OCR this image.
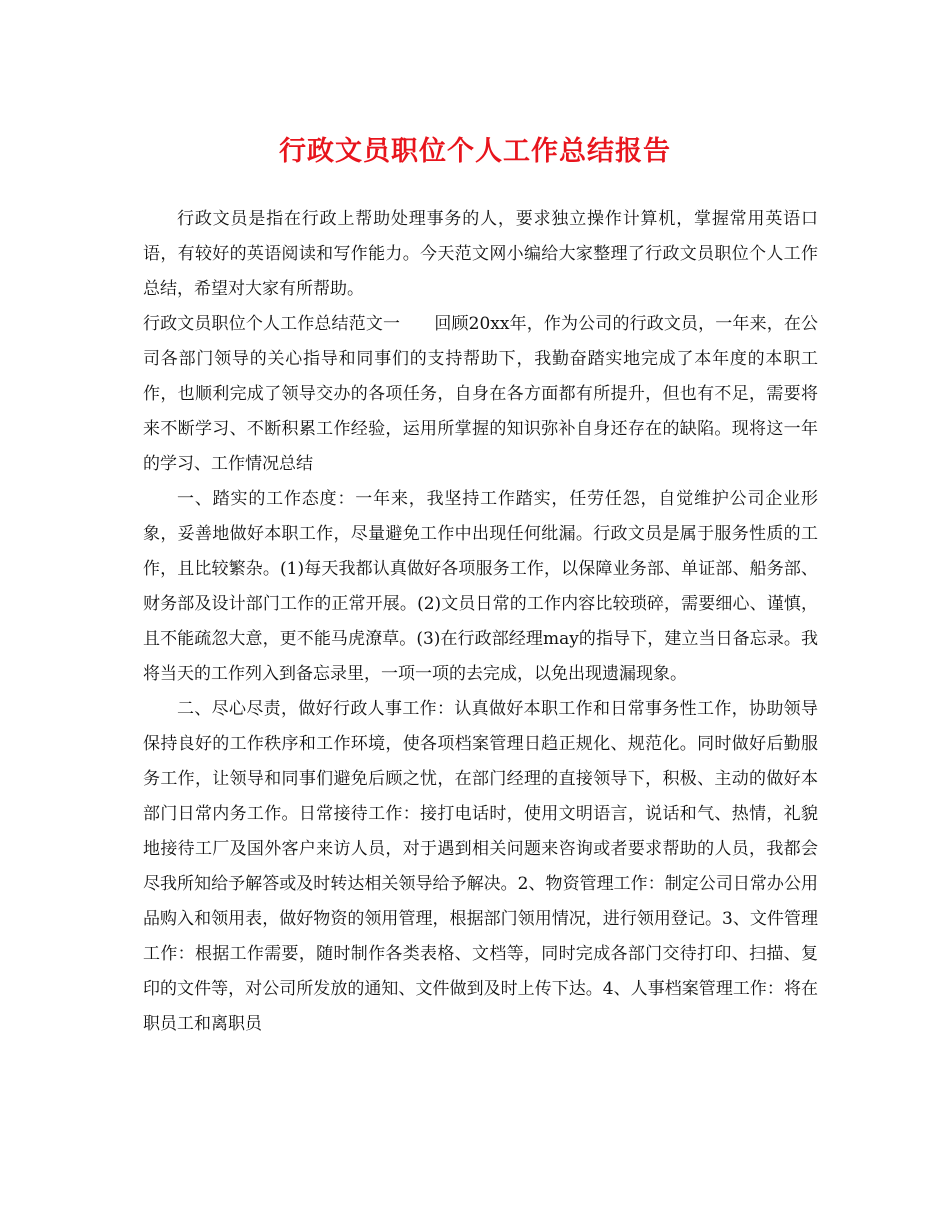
行政文员职位个人工作总结报告

行政文员是指在行政上帮助处理事务的人，要求独立操作计算机，掌握常用英语口语，有较好的英语阅读和写作能力。今天范文网小编给大家整理了行政文员职位个人工作总结，希望对大家有所帮助。

行政文员职位个人工作总结范文一　　回顾20xx年，作为公司的行政文员，一年来，在公司各部门领导的关心指导和同事们的支持帮助下，我勤奋踏实地完成了本年度的本职工作，也顺利完成了领导交办的各项任务，自身在各方面都有所提升，但也有不足，需要将来不断学习、不断积累工作经验，运用所掌握的知识弥补自身还存在的缺陷。现将这一年的学习、工作情况总结

一、踏实的工作态度：一年来，我坚持工作踏实，任劳任怨，自觉维护公司企业形象，妥善地做好本职工作，尽量避免工作中出现任何纰漏。行政文员是属于服务性质的工作，且比较繁杂。(1)每天我都认真做好各项服务工作，以保障业务部、单证部、船务部、财务部及设计部门工作的正常开展。(2)文员日常的工作内容比较琐碎，需要细心、谨慎，且不能疏忽大意，更不能马虎潦草。(3)在行政部经理may的指导下，建立当日备忘录。我将当天的工作列入到备忘录里，一项一项的去完成，以免出现遗漏现象。

二、尽心尽责，做好行政人事工作：认真做好本职工作和日常事务性工作，协助领导保持良好的工作秩序和工作环境，使各项档案管理日趋正规化、规范化。同时做好后勤服务工作，让领导和同事们避免后顾之忧，在部门经理的直接领导下，积极、主动的做好本部门日常内务工作。日常接待工作：接打电话时，使用文明语言，说话和气、热情，礼貌地接待工厂及国外客户来访人员，对于遇到相关问题来咨询或者要求帮助的人员，我都会尽我所知给予解答或及时转达相关领导给予解决。2、物资管理工作：制定公司日常办公用品购入和领用表，做好物资的领用管理，根据部门领用情况，进行领用登记。3、文件管理工作：根据工作需要，随时制作各类表格、文档等，同时完成各部门交待打印、扫描、复印的文件等，对公司所发放的通知、文件做到及时上传下达。4、人事档案管理工作：将在职员工和离职员
